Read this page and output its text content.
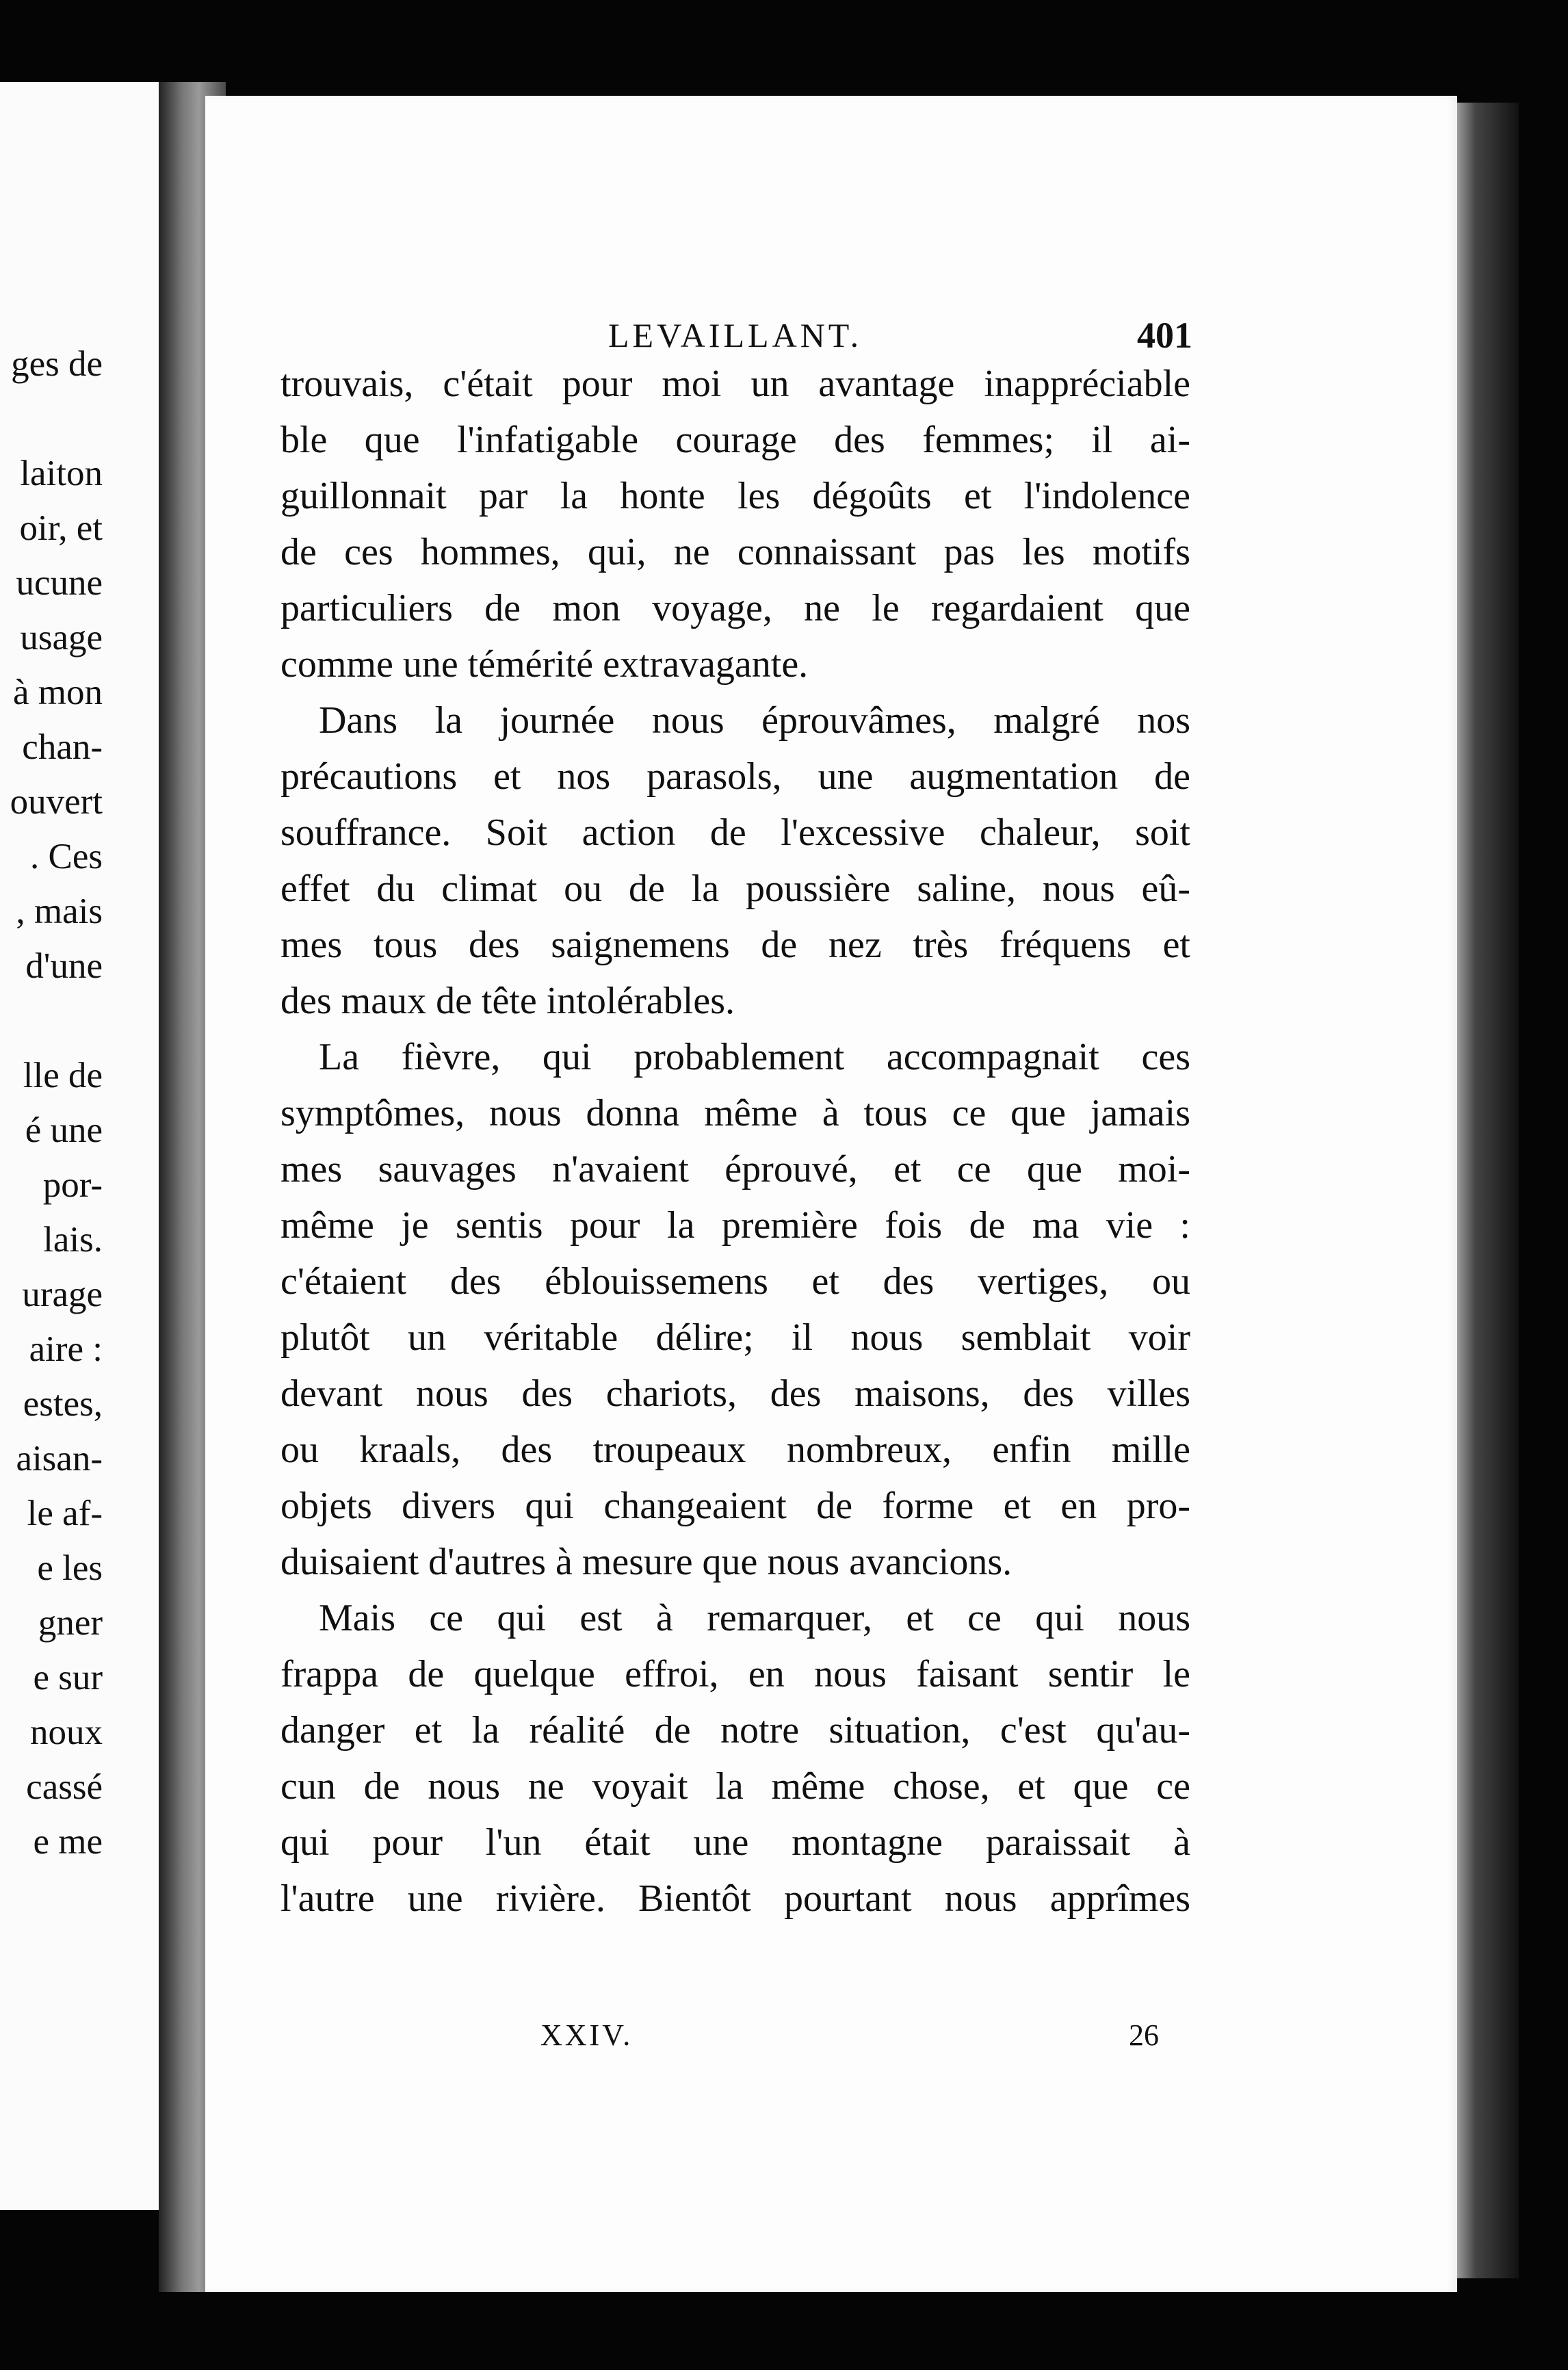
ges de
laiton
oir, et
ucune
usage
à mon
chan-
ouvert
. Ces
, mais
d'une
lle de
é une
por-
lais.
urage
aire :
estes,
aisan-
le af-
e les
gner
e sur
noux
cassé
e me
LEVAILLANT.	401
trouvais, c'était pour moi un avantage inappréciable
ble que l'infatigable courage des femmes; il ai-
guillonnait par la honte les dégoûts et l'indolence
de ces hommes, qui, ne connaissant pas les motifs
particuliers de mon voyage, ne le regardaient que
comme une témérité extravagante.
Dans la journée nous éprouvâmes, malgré nos
précautions et nos parasols, une augmentation de
souffrance. Soit action de l'excessive chaleur, soit
effet du climat ou de la poussière saline, nous eû-
mes tous des saignemens de nez très fréquens et
des maux de tête intolérables.
La fièvre, qui probablement accompagnait ces
symptômes, nous donna même à tous ce que jamais
mes sauvages n'avaient éprouvé, et ce que moi-
même je sentis pour la première fois de ma vie :
c'étaient des éblouissemens et des vertiges, ou
plutôt un véritable délire; il nous semblait voir
devant nous des chariots, des maisons, des villes
ou kraals, des troupeaux nombreux, enfin mille
objets divers qui changeaient de forme et en pro-
duisaient d'autres à mesure que nous avancions.
Mais ce qui est à remarquer, et ce qui nous
frappa de quelque effroi, en nous faisant sentir le
danger et la réalité de notre situation, c'est qu'au-
cun de nous ne voyait la même chose, et que ce
qui pour l'un était une montagne paraissait à
l'autre une rivière. Bientôt pourtant nous apprîmes
XXIV.	26
